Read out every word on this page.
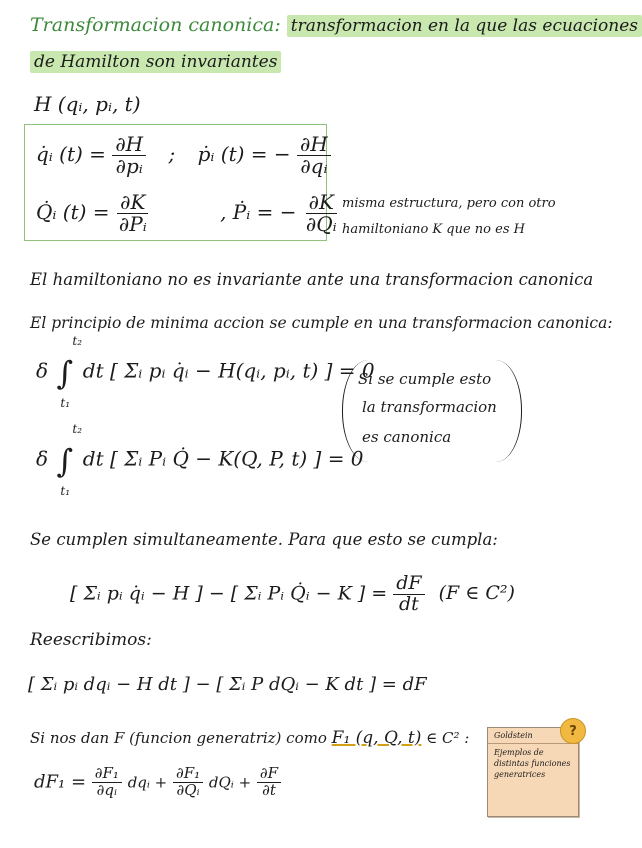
Transformacion canonica: transformacion en la que las ecuaciones
de Hamilton son invariantes
H (qᵢ, pᵢ, t)
q̇ᵢ $(t) = \frac{\partial H}{\text{∂pᵢ}}$ ; ṗᵢ (t) = − $\frac{\partial H}{\text{∂qᵢ}}$
Q̇ᵢ $(t) = \frac{\partial K}{\text{∂Pᵢ}}$	, Ṗᵢ = − $\frac{\partial K}{\text{∂Qᵢ}}$ misma estructura, pero con otro
hamiltoniano K que no es H
El hamiltoniano no es invariante ante una transformacion canonica
El principio de minima accion se cumple en una transformacion canonica:
δ ∫
t₂
t₁
dt [ Σᵢ pᵢ q̇ᵢ − H(qᵢ, pᵢ, t) ] = 0
δ ∫
t₂
t₁
dt [ Σᵢ Pᵢ Q̇ − K(Q, P, t) ] = 0
Si se cumple esto
la transformacion
es canonica
Se cumplen simultaneamente. Para que esto se cumpla:
[ Σᵢ pᵢ q̇ᵢ − H ] − [ Σᵢ Pᵢ Q̇ᵢ − K ] = $\frac{dF}{dt} (F$ ∈ C²)
Reescribimos:
[ Σᵢ pᵢ dqᵢ − H dt ] − [ Σᵢ P dQᵢ − K dt ] = dF
Si nos dan F (funcion generatriz) como F₁ (q, Q, t) ∈ C² :
$dF_1 = \frac{\text{∂F₁}}{\text{∂qᵢ}}$ dqᵢ + $\frac{\text{∂F₁}}{\text{∂Qᵢ}}$ dQᵢ + $\frac{\partial F}{\partial t}$
?
Goldstein
Ejemplos de distintas funciones generatrices
